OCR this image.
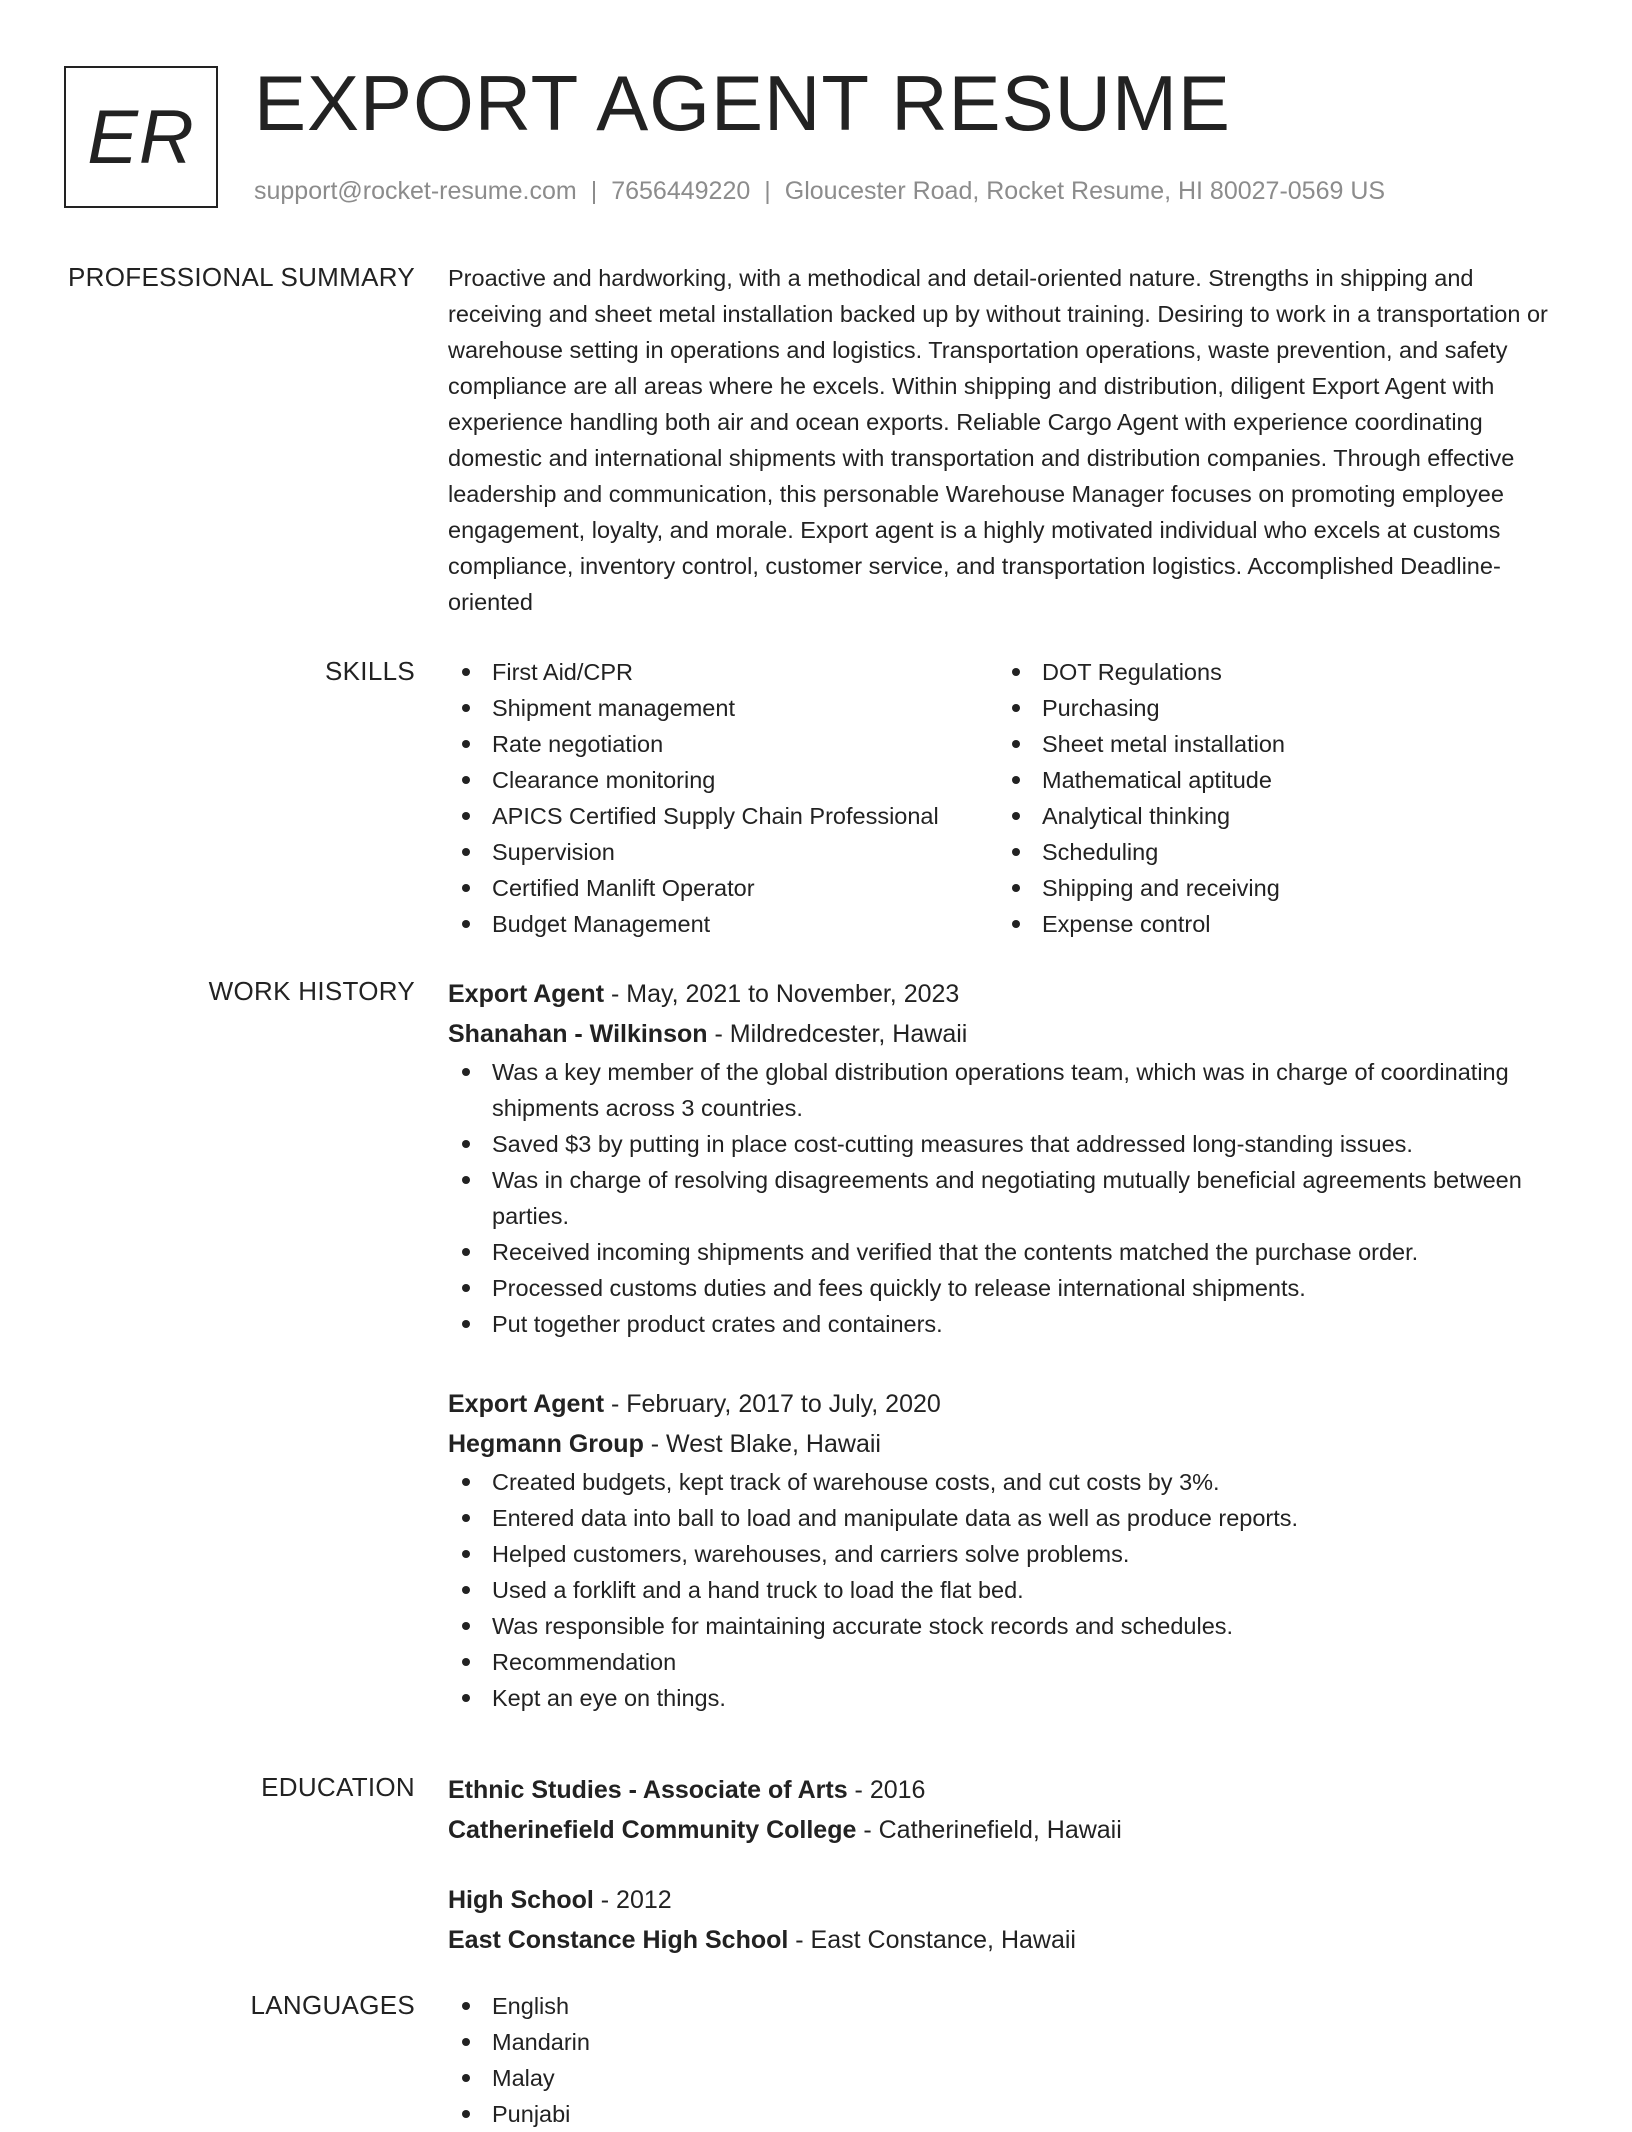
ER EXPORT AGENT RESUME
support@rocket-resume.com | 7656449220 | Gloucester Road, Rocket Resume, HI 80027-0569 US
PROFESSIONAL SUMMARY Proactive and hardworking, with a methodical and detail-oriented nature. Strengths in shipping and receiving and sheet metal installation backed up by without training. Desiring to work in a transportation or warehouse setting in operations and logistics. Transportation operations, waste prevention, and safety compliance are all areas where he excels. Within shipping and distribution, diligent Export Agent with experience handling both air and ocean exports. Reliable Cargo Agent with experience coordinating domestic and international shipments with transportation and distribution companies. Through effective leadership and communication, this personable Warehouse Manager focuses on promoting employee engagement, loyalty, and morale. Export agent is a highly motivated individual who excels at customs compliance, inventory control, customer service, and transportation logistics. Accomplished Deadline-oriented

SKILLS	First Aid/CPR
Shipment management
Rate negotiation
Clearance monitoring
APICS Certified Supply Chain Professional
Supervision
Certified Manlift Operator
Budget Management
DOT Regulations
Purchasing
Sheet metal installation
Mathematical aptitude
Analytical thinking
Scheduling
Shipping and receiving
Expense control
WORK HISTORY Export Agent - May, 2021 to November, 2023
Shanahan - Wilkinson - Mildredcester, Hawaii
Was a key member of the global distribution operations team, which was in charge of coordinating shipments across 3 countries.
Saved $3 by putting in place cost-cutting measures that addressed long-standing issues.
Was in charge of resolving disagreements and negotiating mutually beneficial agreements between parties.
Received incoming shipments and verified that the contents matched the purchase order.
Processed customs duties and fees quickly to release international shipments.
Put together product crates and containers.
Export Agent - February, 2017 to July, 2020
Hegmann Group - West Blake, Hawaii
Created budgets, kept track of warehouse costs, and cut costs by 3%.
Entered data into ball to load and manipulate data as well as produce reports.
Helped customers, warehouses, and carriers solve problems.
Used a forklift and a hand truck to load the flat bed.
Was responsible for maintaining accurate stock records and schedules.
Recommendation
Kept an eye on things.
EDUCATION Ethnic Studies - Associate of Arts - 2016
Catherinefield Community College - Catherinefield, Hawaii
High School - 2012
East Constance High School - East Constance, Hawaii
LANGUAGES	English
Mandarin
Malay
Punjabi
